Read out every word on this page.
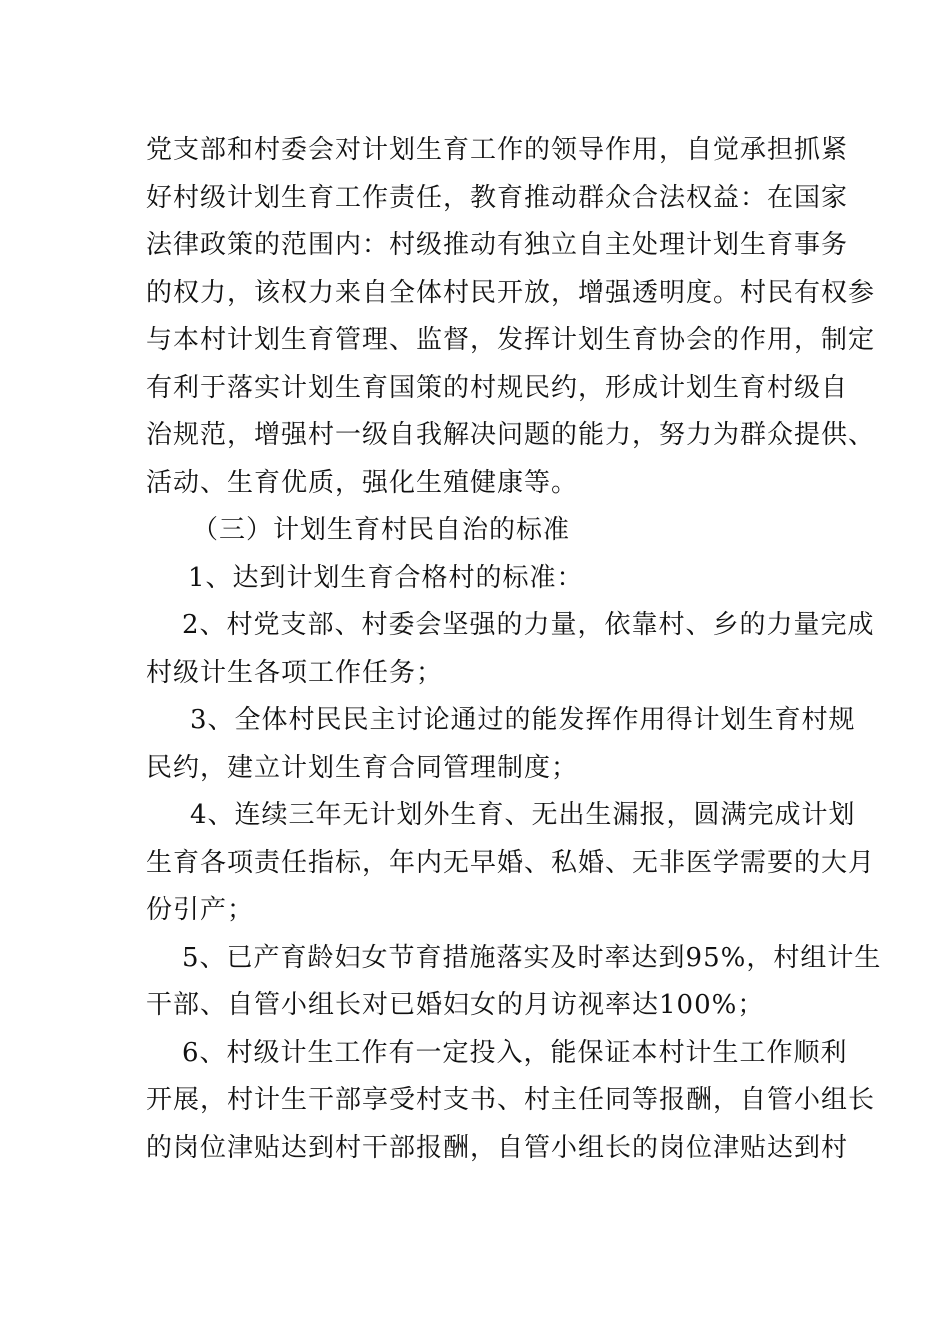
党支部和村委会对计划生育工作的领导作用，自觉承担抓紧
好村级计划生育工作责任，教育推动群众合法权益：在国家
法律政策的范围内：村级推动有独立自主处理计划生育事务
的权力，该权力来自全体村民开放，增强透明度。村民有权参
与本村计划生育管理、监督，发挥计划生育协会的作用，制定
有利于落实计划生育国策的村规民约，形成计划生育村级自
治规范，增强村一级自我解决问题的能力，努力为群众提供、
活动、生育优质，强化生殖健康等。
（三）计划生育村民自治的标准
1、达到计划生育合格村的标准：
2、村党支部、村委会坚强的力量，依靠村、乡的力量完成
村级计生各项工作任务；
3、全体村民民主讨论通过的能发挥作用得计划生育村规
民约，建立计划生育合同管理制度；
4、连续三年无计划外生育、无出生漏报，圆满完成计划
生育各项责任指标，年内无早婚、私婚、无非医学需要的大月
份引产；
5、已产育龄妇女节育措施落实及时率达到95%，村组计生
干部、自管小组长对已婚妇女的月访视率达100%；
6、村级计生工作有一定投入，能保证本村计生工作顺利
开展，村计生干部享受村支书、村主任同等报酬，自管小组长
的岗位津贴达到村干部报酬，自管小组长的岗位津贴达到村
